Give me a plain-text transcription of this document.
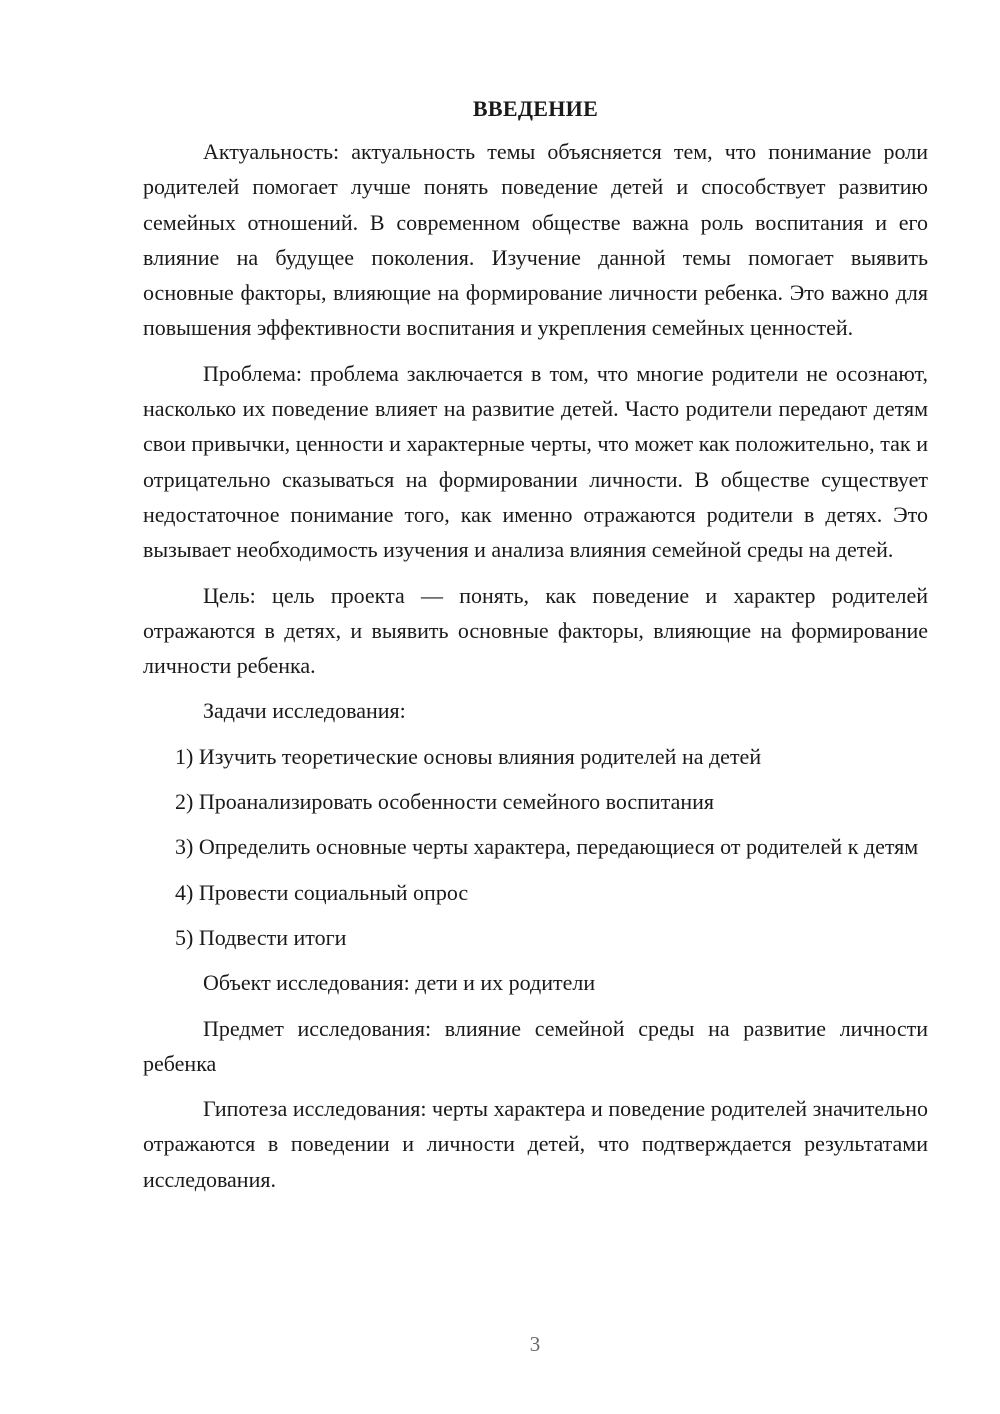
ВВЕДЕНИЕ

Актуальность: актуальность темы объясняется тем, что понимание роли родителей помогает лучше понять поведение детей и способствует развитию семейных отношений. В современном обществе важна роль воспитания и его влияние на будущее поколения. Изучение данной темы помогает выявить основные факторы, влияющие на формирование личности ребенка. Это важно для повышения эффективности воспитания и укрепления семейных ценностей.

Проблема: проблема заключается в том, что многие родители не осознают, насколько их поведение влияет на развитие детей. Часто родители передают детям свои привычки, ценности и характерные черты, что может как положительно, так и отрицательно сказываться на формировании личности. В обществе существует недостаточное понимание того, как именно отражаются родители в детях. Это вызывает необходимость изучения и анализа влияния семейной среды на детей.

Цель: цель проекта — понять, как поведение и характер родителей отражаются в детях, и выявить основные факторы, влияющие на формирование личности ребенка.

Задачи исследования:

1) Изучить теоретические основы влияния родителей на детей

2) Проанализировать особенности семейного воспитания

3) Определить основные черты характера, передающиеся от родителей к детям

4) Провести социальный опрос

5) Подвести итоги

Объект исследования: дети и их родители

Предмет исследования: влияние семейной среды на развитие личности ребенка

Гипотеза исследования: черты характера и поведение родителей значительно отражаются в поведении и личности детей, что подтверждается результатами исследования.

3
